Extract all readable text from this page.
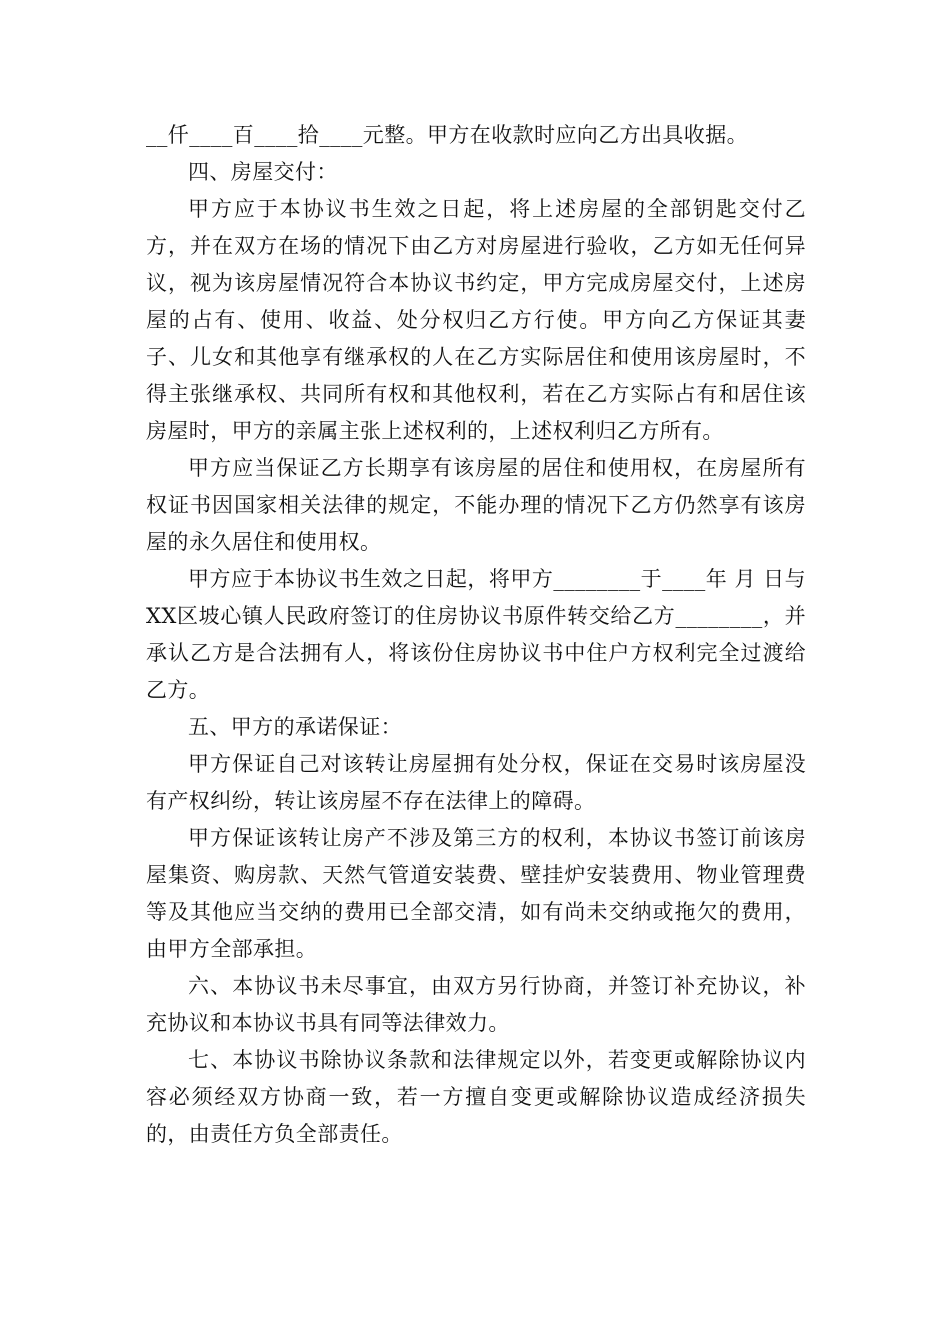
__仟____百____拾____元整。甲方在收款时应向乙方出具收据。

四、房屋交付：

甲方应于本协议书生效之日起，将上述房屋的全部钥匙交付乙方，并在双方在场的情况下由乙方对房屋进行验收，乙方如无任何异议，视为该房屋情况符合本协议书约定，甲方完成房屋交付，上述房屋的占有、使用、收益、处分权归乙方行使。甲方向乙方保证其妻子、儿女和其他享有继承权的人在乙方实际居住和使用该房屋时，不得主张继承权、共同所有权和其他权利，若在乙方实际占有和居住该房屋时，甲方的亲属主张上述权利的，上述权利归乙方所有。

甲方应当保证乙方长期享有该房屋的居住和使用权，在房屋所有权证书因国家相关法律的规定，不能办理的情况下乙方仍然享有该房屋的永久居住和使用权。

甲方应于本协议书生效之日起，将甲方________于____年 月 日与XX区坡心镇人民政府签订的住房协议书原件转交给乙方________，并承认乙方是合法拥有人，将该份住房协议书中住户方权利完全过渡给乙方。

五、甲方的承诺保证：

甲方保证自己对该转让房屋拥有处分权，保证在交易时该房屋没有产权纠纷，转让该房屋不存在法律上的障碍。

甲方保证该转让房产不涉及第三方的权利，本协议书签订前该房屋集资、购房款、天然气管道安装费、壁挂炉安装费用、物业管理费等及其他应当交纳的费用已全部交清，如有尚未交纳或拖欠的费用，由甲方全部承担。

六、本协议书未尽事宜，由双方另行协商，并签订补充协议，补充协议和本协议书具有同等法律效力。

七、本协议书除协议条款和法律规定以外，若变更或解除协议内容必须经双方协商一致，若一方擅自变更或解除协议造成经济损失的，由责任方负全部责任。
